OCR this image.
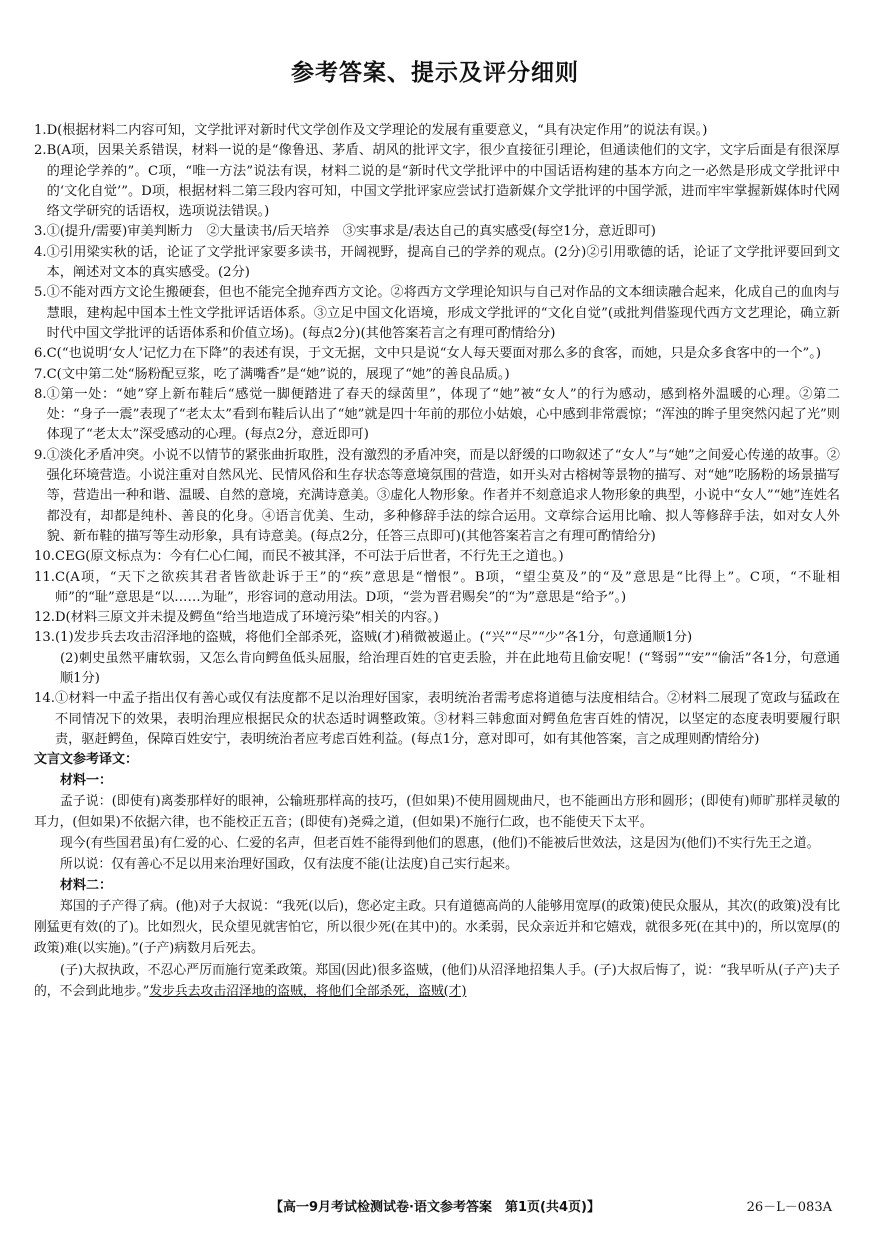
参考答案、提示及评分细则
1. D(根据材料二内容可知，文学批评对新时代文学创作及文学理论的发展有重要意义，“具有决定作用”的说法有误。)
2. B(A项，因果关系错误，材料一说的是“像鲁迅、茅盾、胡风的批评文字，很少直接征引理论，但通读他们的文字，文字后面是有很深厚的理论学养的”。C项，“唯一方法”说法有误，材料二说的是“新时代文学批评中的中国话语构建的基本方向之一必然是形成文学批评中的‘文化自觉’”。D项，根据材料二第三段内容可知，中国文学批评家应尝试打造新媒介文学批评的中国学派，进而牢牢掌握新媒体时代网络文学研究的话语权，选项说法错误。)
3. ①(提升/需要)审美判断力　②大量读书/后天培养　③实事求是/表达自己的真实感受(每空1分，意近即可)
4. ①引用梁实秋的话，论证了文学批评家要多读书，开阔视野，提高自己的学养的观点。(2分)②引用歌德的话，论证了文学批评要回到文本，阐述对文本的真实感受。(2分)
5. ①不能对西方文论生搬硬套，但也不能完全抛弃西方文论。②将西方文学理论知识与自己对作品的文本细读融合起来，化成自己的血肉与慧眼，建构起中国本土性文学批评话语体系。③立足中国文化语境，形成文学批评的“文化自觉”(或批判借鉴现代西方文艺理论，确立新时代中国文学批评的话语体系和价值立场)。(每点2分)(其他答案若言之有理可酌情给分)
6. C(“也说明‘女人’记忆力在下降”的表述有误，于文无据，文中只是说“女人每天要面对那么多的食客，而她，只是众多食客中的一个”。)
7. C(文中第二处“肠粉配豆浆，吃了满嘴香”是“她”说的，展现了“她”的善良品质。)
8. ①第一处：“她”穿上新布鞋后“感觉一脚便踏进了春天的绿茵里”，体现了“她”被“女人”的行为感动，感到格外温暖的心理。②第二处：“身子一震”表现了“老太太”看到布鞋后认出了“她”就是四十年前的那位小姑娘，心中感到非常震惊；“浑浊的眸子里突然闪起了光”则体现了“老太太”深受感动的心理。(每点2分，意近即可)
9. ①淡化矛盾冲突。小说不以情节的紧张曲折取胜，没有激烈的矛盾冲突，而是以舒缓的口吻叙述了“女人”与“她”之间爱心传递的故事。②强化环境营造。小说注重对自然风光、民情风俗和生存状态等意境氛围的营造，如开头对古榕树等景物的描写、对“她”吃肠粉的场景描写等，营造出一种和谐、温暖、自然的意境，充满诗意美。③虚化人物形象。作者并不刻意追求人物形象的典型，小说中“女人”“她”连姓名都没有，却都是纯朴、善良的化身。④语言优美、生动，多种修辞手法的综合运用。文章综合运用比喻、拟人等修辞手法，如对女人外貌、新布鞋的描写等生动形象，具有诗意美。(每点2分，任答三点即可)(其他答案若言之有理可酌情给分)
10. CEG(原文标点为：今有仁心仁闻，而民不被其泽，不可法于后世者，不行先王之道也。)
11. C(A项，“天下之欲疾其君者皆欲赴诉于王”的“疾”意思是“憎恨”。B项，“望尘莫及”的“及”意思是“比得上”。C项，“不耻相师”的“耻”意思是“以……为耻”，形容词的意动用法。D项，“尝为晋君赐矣”的“为”意思是“给予”。)
12. D(材料三原文并未提及鳄鱼“给当地造成了环境污染”相关的内容。)
13. (1)发步兵去攻击沼泽地的盗贼，将他们全部杀死，盗贼(才)稍微被遏止。(“兴”“尽”“少”各1分，句意通顺1分)
(2)刺史虽然平庸软弱，又怎么肯向鳄鱼低头屈服，给治理百姓的官吏丢脸，并在此地苟且偷安呢！(“驽弱”“安”“偷活”各1分，句意通顺1分)
14. ①材料一中孟子指出仅有善心或仅有法度都不足以治理好国家，表明统治者需考虑将道德与法度相结合。②材料二展现了宽政与猛政在不同情况下的效果，表明治理应根据民众的状态适时调整政策。③材料三韩愈面对鳄鱼危害百姓的情况，以坚定的态度表明要履行职责，驱赶鳄鱼，保障百姓安宁，表明统治者应考虑百姓利益。(每点1分，意对即可，如有其他答案，言之成理则酌情给分)
文言文参考译文：
材料一：
孟子说：(即使有)离娄那样好的眼神，公输班那样高的技巧，(但如果)不使用圆规曲尺，也不能画出方形和圆形；(即使有)师旷那样灵敏的耳力，(但如果)不依据六律，也不能校正五音；(即使有)尧舜之道，(但如果)不施行仁政，也不能使天下太平。
现今(有些国君虽)有仁爱的心、仁爱的名声，但老百姓不能得到他们的恩惠，(他们)不能被后世效法，这是因为(他们)不实行先王之道。
所以说：仅有善心不足以用来治理好国政，仅有法度不能(让法度)自己实行起来。
材料二：
郑国的子产得了病。(他)对子大叔说：“我死(以后)，您必定主政。只有道德高尚的人能够用宽厚(的政策)使民众服从，其次(的政策)没有比刚猛更有效(的了)。比如烈火，民众望见就害怕它，所以很少死(在其中)的。水柔弱，民众亲近并和它嬉戏，就很多死(在其中)的，所以宽厚(的政策)难(以实施)。”(子产)病数月后死去。
(子)大叔执政，不忍心严厉而施行宽柔政策。郑国(因此)很多盗贼，(他们)从沼泽地招集人手。(子)大叔后悔了，说：“我早听从(子产)夫子的，不会到此地步。”发步兵去攻击沼泽地的盗贼，将他们全部杀死，盗贼(才)
【高一9月考试检测试卷·语文参考答案　第1页(共4页)】	26－L－083A
